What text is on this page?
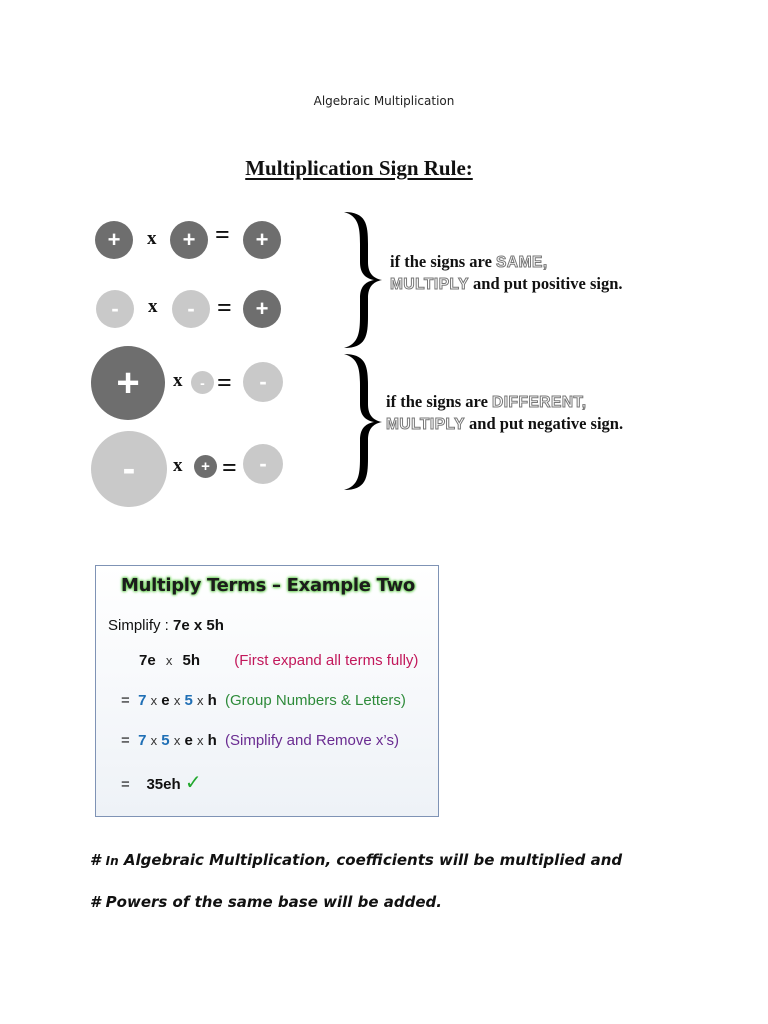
Algebraic Multiplication
Multiplication Sign Rule:
+	x	+ =	+
-	x	- =	+
+	x	- =	-
-	x	+ =	-
if the signs are SAME,
MULTIPLY and put positive sign.
if the signs are DIFFERENT,
MULTIPLY and put negative sign.
Multiply Terms – Example Two
Simplify : 7e x 5h
7e x 5h (First expand all terms fully)
= 7 x e x 5 x h (Group Numbers & Letters)
= 7 x 5 x e x h (Simplify and Remove x’s)
= 35eh ✓
# In Algebraic Multiplication, coefficients will be multiplied and
# Powers of the same base will be added.
